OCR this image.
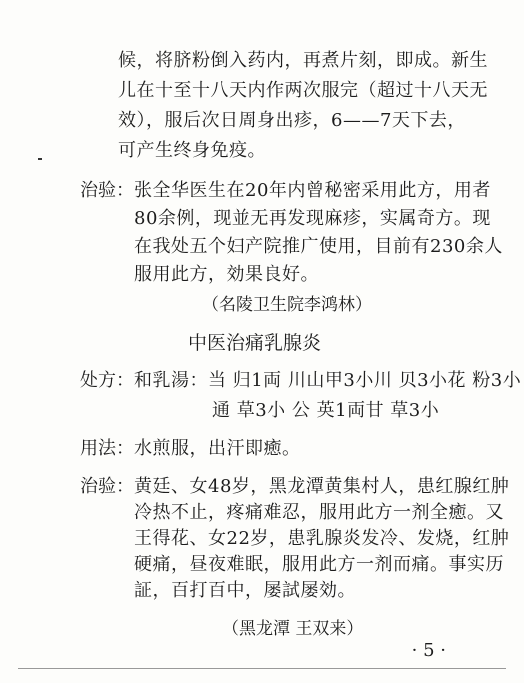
候，将脐粉倒入药内，再煮片刻，即成。新生
儿在十至十八天内作两次服完（超过十八天无
效），服后次日周身出疹，6——7天下去，
可产生终身免疫。
治验： 张全华医生在20年内曾秘密采用此方，用者
80余例，现並无再发现麻疹，实属奇方。现
在我处五个妇产院推广使用，目前有230余人
服用此方，効果良好。
（名陵卫生院李鸿林）
中医治痛乳腺炎
处方： 和乳湯：当 归1両 川山甲3小川 贝3小花 粉3小
通 草3小 公 英1両甘 草3小
用法： 水煎服，出汗即癒。
治验： 黄廷、女48岁，黑龙潭黄集村人，患红腺红肿
冷热不止，疼痛难忍，服用此方一剂全癒。又
王得花、女22岁，患乳腺炎发冷、发烧，红肿
硬痛，昼夜难眠，服用此方一剂而痛。事实历
証，百打百中，屡試屡効。
（黑龙潭 王双来）
· 5 ·
